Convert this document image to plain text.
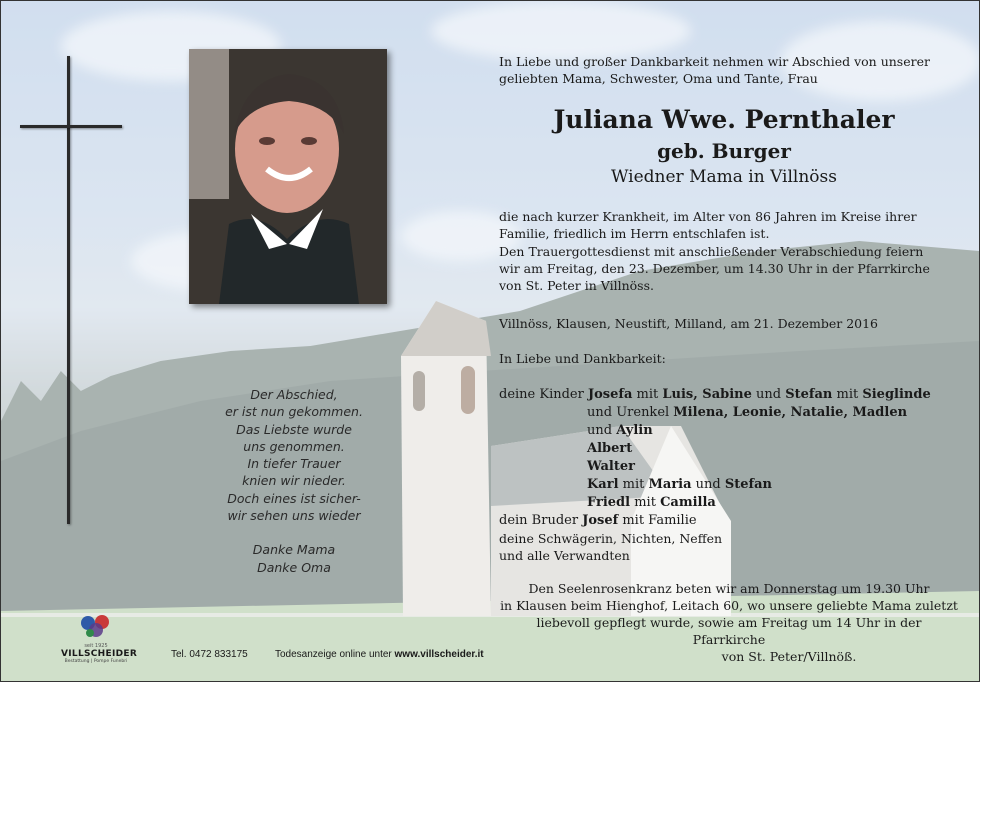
Der Abschied,
er ist nun gekommen.
Das Liebste wurde
uns genommen.
In tiefer Trauer
knien wir nieder.
Doch eines ist sicher-
wir sehen uns wieder
Danke Mama
Danke Oma
In Liebe und großer Dankbarkeit nehmen wir Abschied von unserer
geliebten Mama, Schwester, Oma und Tante, Frau
Juliana Wwe. Pernthaler
geb. Burger
Wiedner Mama in Villnöss
die nach kurzer Krankheit, im Alter von 86 Jahren im Kreise ihrer
Familie, friedlich im Herrn entschlafen ist.
Den Trauergottesdienst mit anschließender Verabschiedung feiern
wir am Freitag, den 23. Dezember, um 14.30 Uhr in der Pfarrkirche
von St. Peter in Villnöss.
Villnöss, Klausen, Neustift, Milland, am 21. Dezember 2016
In Liebe und Dankbarkeit:
deine Kinder Josefa mit Luis, Sabine und Stefan mit Sieglinde
und Urenkel Milena, Leonie, Natalie, Madlen
und Aylin
Albert
Walter
Karl mit Maria und Stefan
Friedl mit Camilla
dein Bruder Josef mit Familie
deine Schwägerin, Nichten, Neffen
und alle Verwandten
Den Seelenrosenkranz beten wir am Donnerstag um 19.30 Uhr
in Klausen beim Hienghof, Leitach 60, wo unsere geliebte Mama zuletzt
liebevoll gepflegt wurde, sowie am Freitag um 14 Uhr in der Pfarrkirche
von St. Peter/Villnöß.
seit 1925
VILLSCHEIDER
Bestattung | Pompe Funebri
Tel. 0472 833175	Todesanzeige online unter www.villscheider.it
